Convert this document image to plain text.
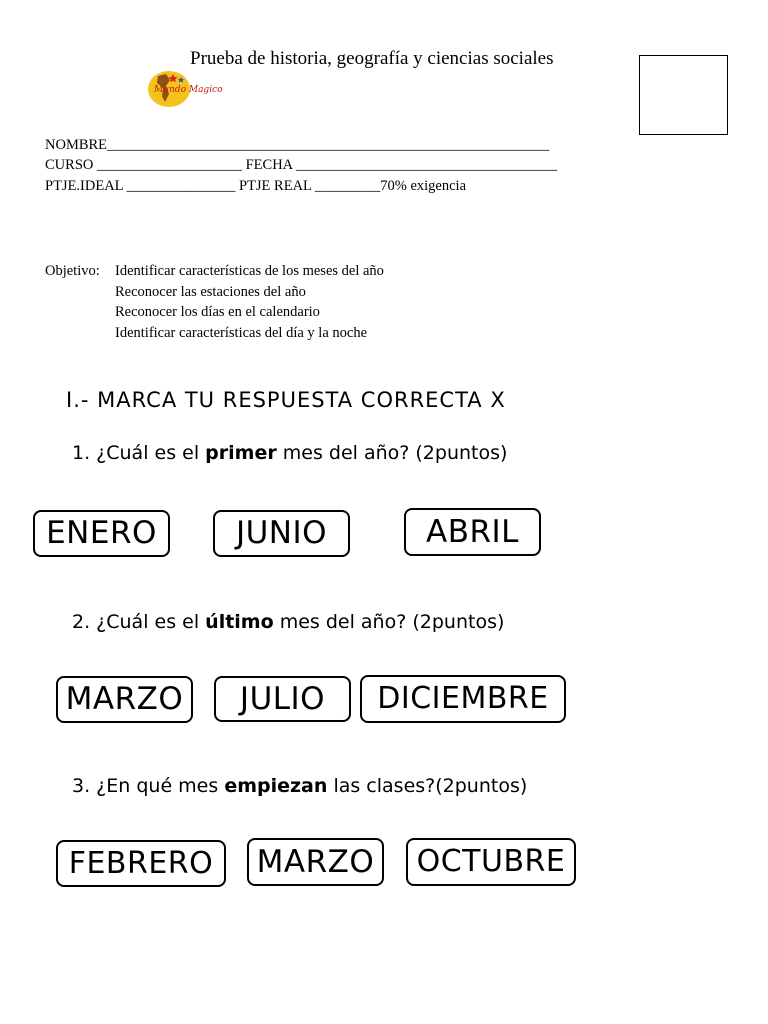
Prueba de historia, geografía y ciencias sociales
Mundo Magico
NOMBRE_____________________________________________________________
CURSO ____________________ FECHA ____________________________________
PTJE.IDEAL _______________ PTJE REAL _________70% exigencia
Objetivo: Identificar características de los meses del año
Reconocer las estaciones del año
Reconocer los días en el calendario
Identificar características del día y la noche
I.- MARCA TU RESPUESTA CORRECTA X
1. ¿Cuál es el primer mes del año? (2puntos)
ENERO	JUNIO	ABRIL
2. ¿Cuál es el último mes del año? (2puntos)
MARZO	JULIO	DICIEMBRE
3. ¿En qué mes empiezan las clases?(2puntos)
FEBRERO	MARZO	OCTUBRE
